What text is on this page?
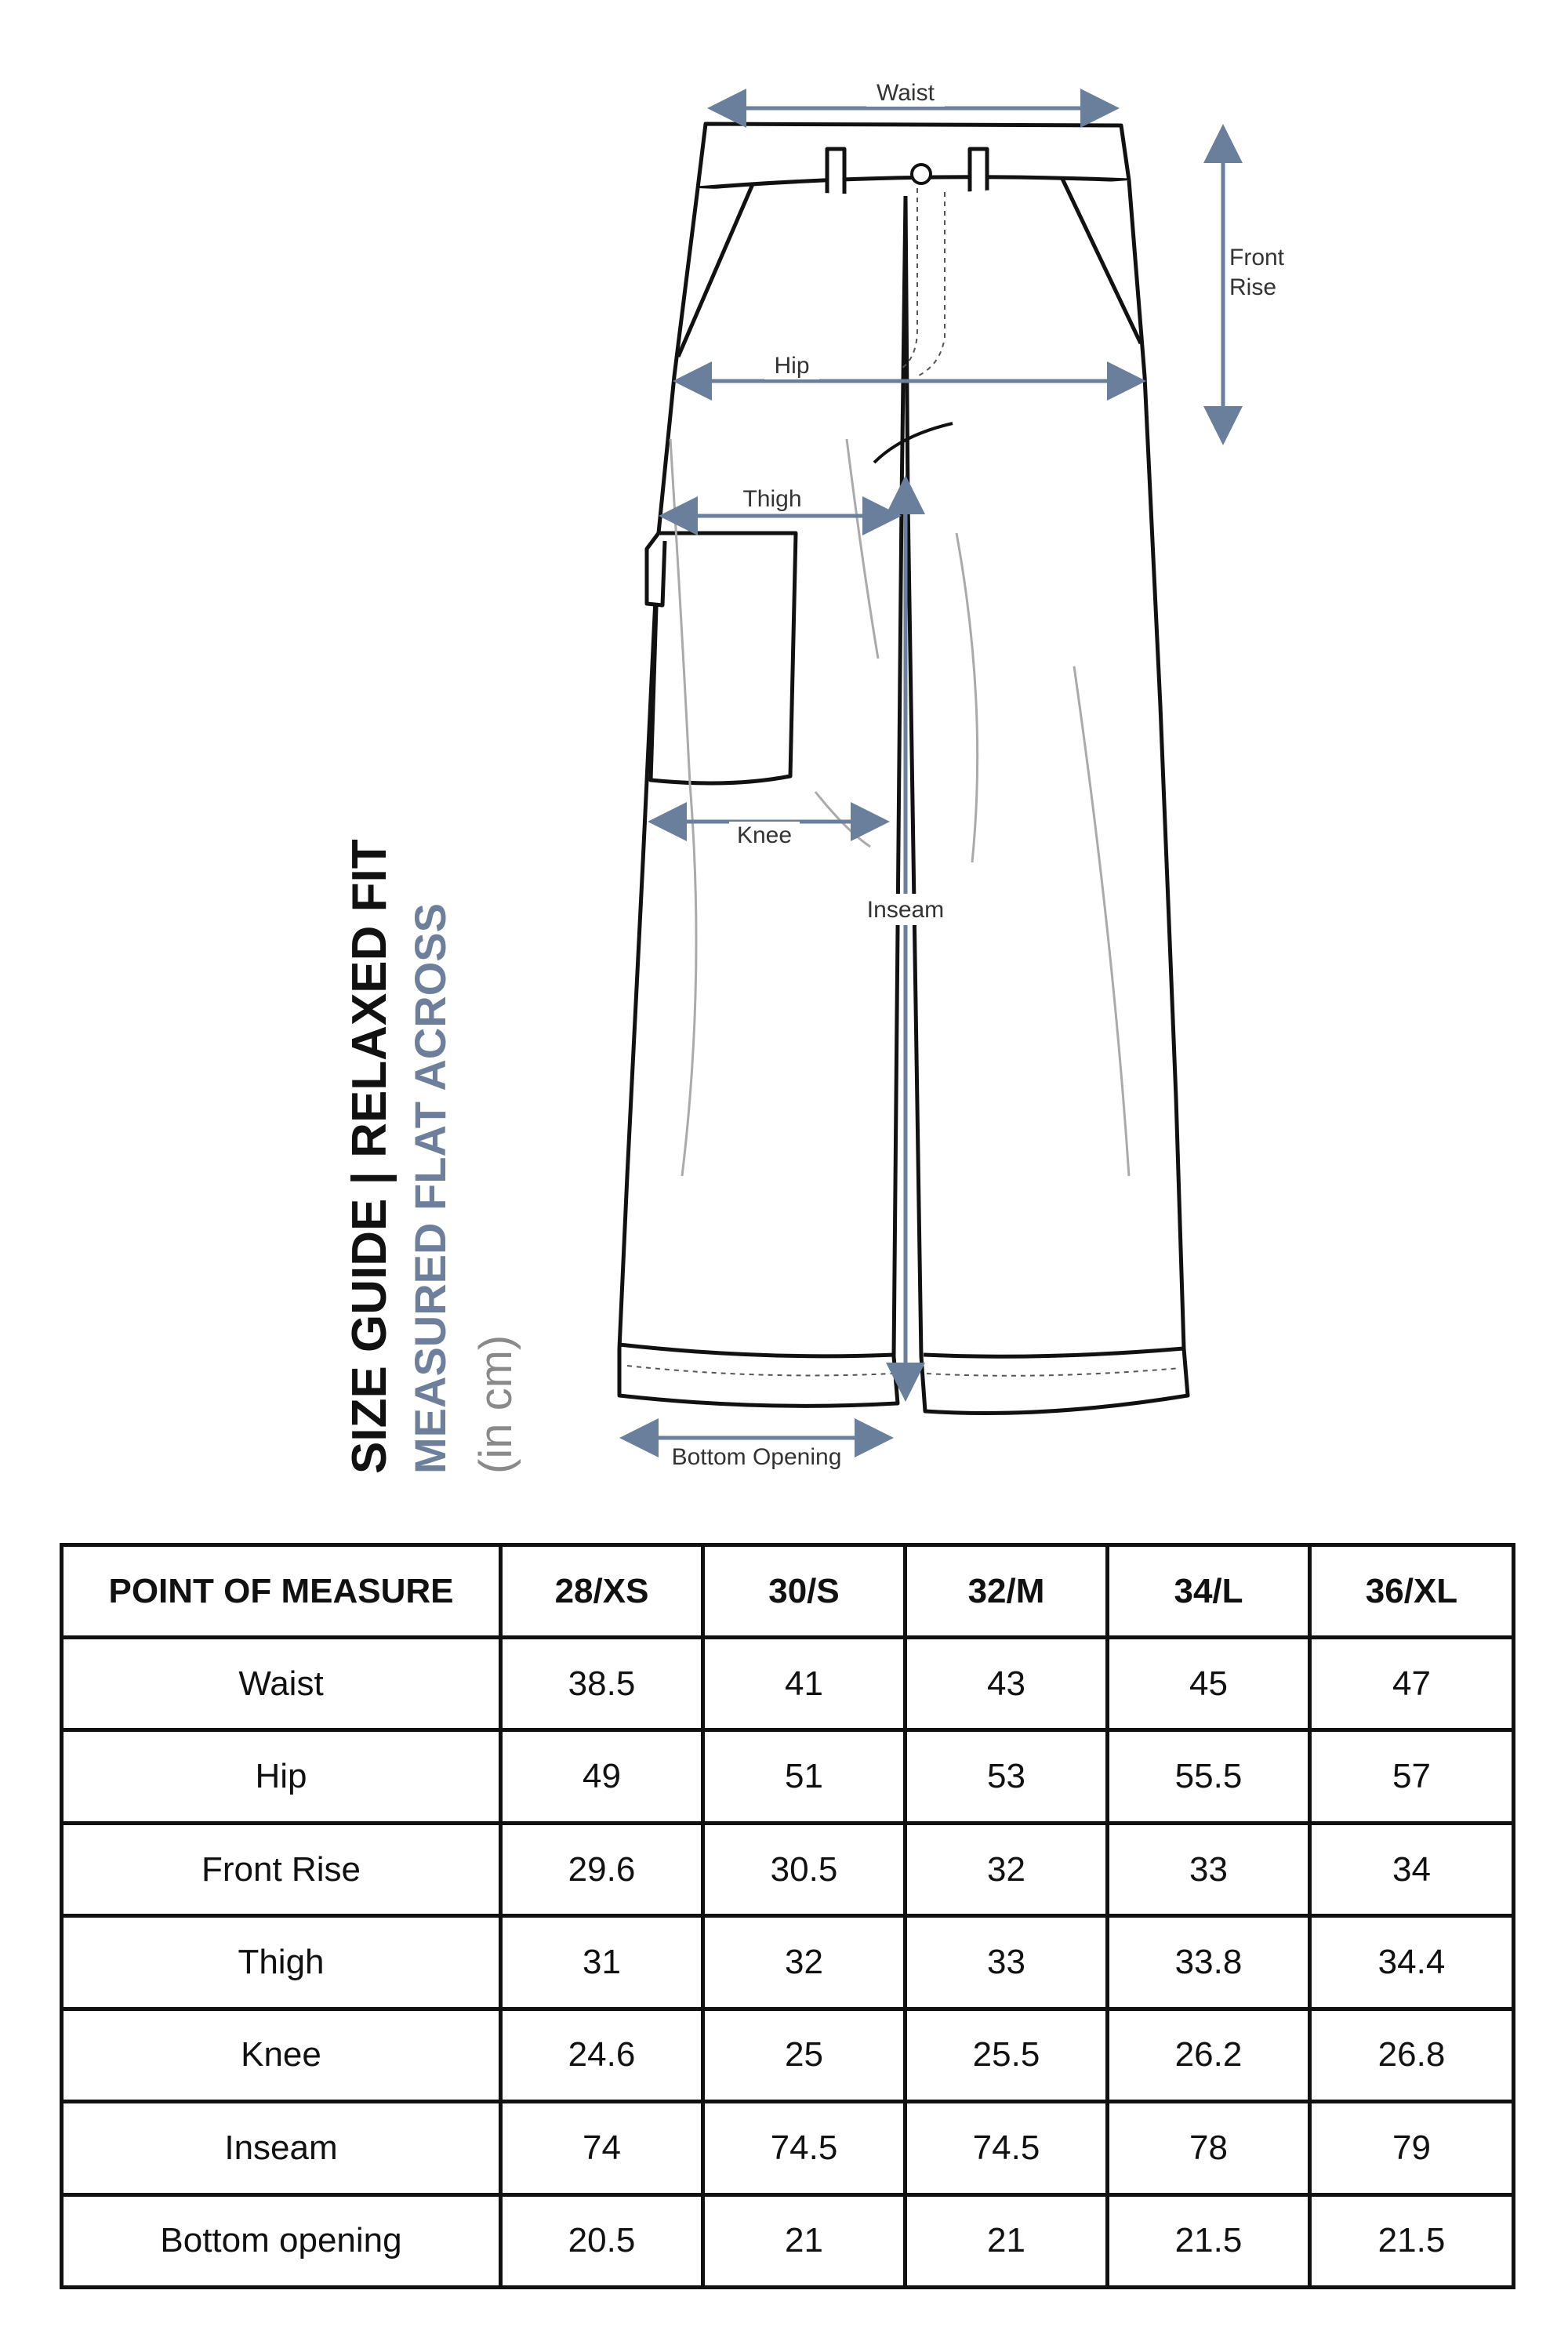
Waist
Front
Rise
Hip
Thigh
Knee
Inseam
Bottom Opening
SIZE GUIDE | RELAXED FIT MEASURED FLAT ACROSS (in cm)
POINT OF MEASURE	28/XS	30/S	32/M	34/L	36/XL
Waist	38.5	41	43	45	47
Hip	49	51	53	55.5	57
Front Rise	29.6	30.5	32	33	34
Thigh	31	32	33	33.8	34.4
Knee	24.6	25	25.5	26.2	26.8
Inseam	74	74.5	74.5	78	79
Bottom opening	20.5	21	21	21.5	21.5
